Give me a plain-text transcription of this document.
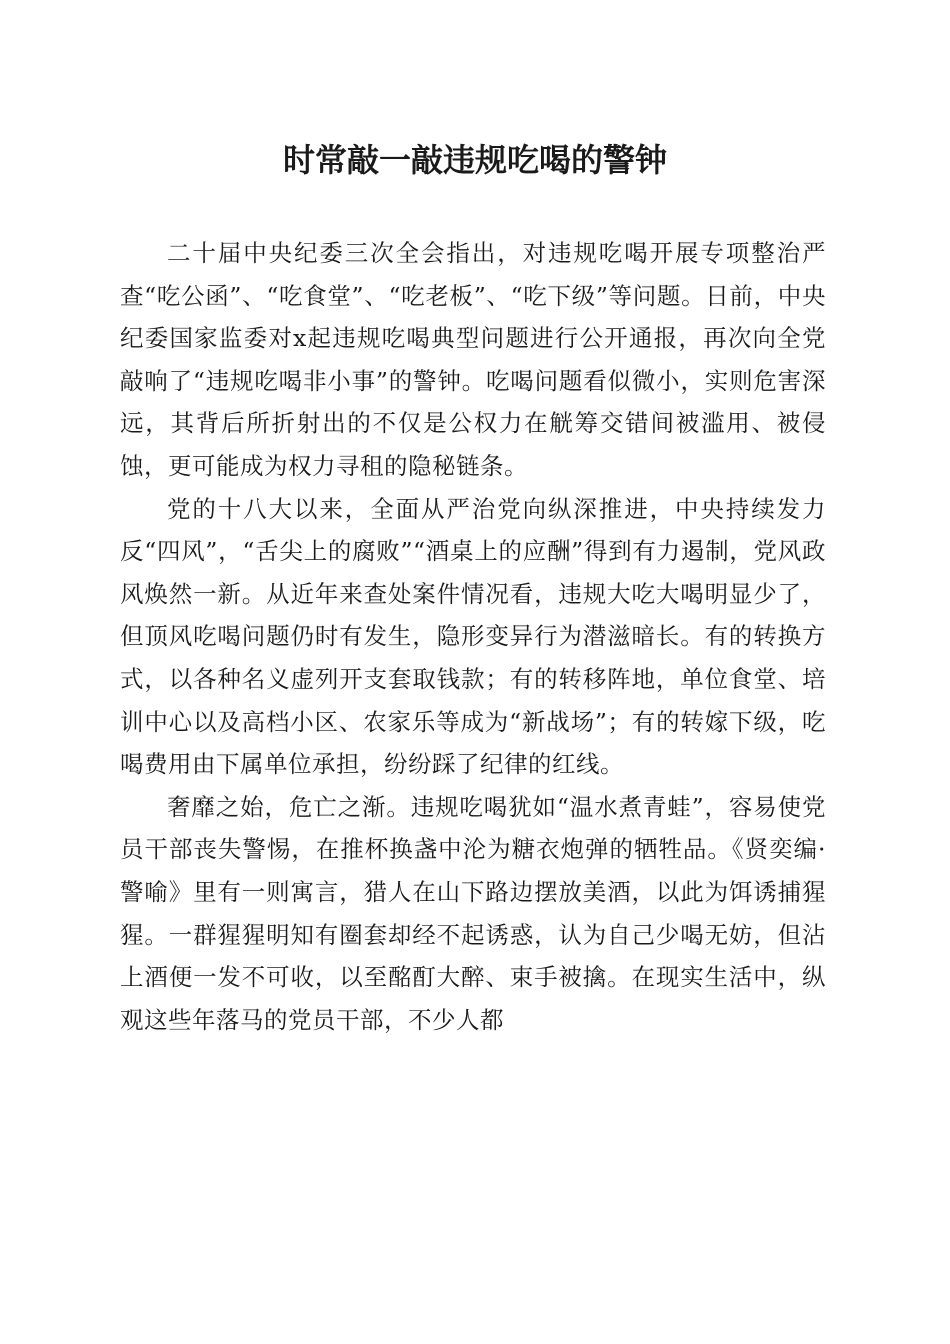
时常敲一敲违规吃喝的警钟

二十届中央纪委三次全会指出，对违规吃喝开展专项整治严查“吃公函”、“吃食堂”、“吃老板”、“吃下级”等问题。日前，中央纪委国家监委对x起违规吃喝典型问题进行公开通报，再次向全党敲响了“违规吃喝非小事”的警钟。吃喝问题看似微小，实则危害深远，其背后所折射出的不仅是公权力在觥筹交错间被滥用、被侵蚀，更可能成为权力寻租的隐秘链条。

党的十八大以来，全面从严治党向纵深推进，中央持续发力反“四风”，“舌尖上的腐败”“酒桌上的应酬”得到有力遏制，党风政风焕然一新。从近年来查处案件情况看，违规大吃大喝明显少了，但顶风吃喝问题仍时有发生，隐形变异行为潜滋暗长。有的转换方式，以各种名义虚列开支套取钱款；有的转移阵地，单位食堂、培训中心以及高档小区、农家乐等成为“新战场”；有的转嫁下级，吃喝费用由下属单位承担，纷纷踩了纪律的红线。

奢靡之始，危亡之渐。违规吃喝犹如“温水煮青蛙”，容易使党员干部丧失警惕，在推杯换盏中沦为糖衣炮弹的牺牲品。《贤奕编·警喻》里有一则寓言，猎人在山下路边摆放美酒，以此为饵诱捕猩猩。一群猩猩明知有圈套却经不起诱惑，认为自己少喝无妨，但沾上酒便一发不可收，以至酩酊大醉、束手被擒。在现实生活中，纵观这些年落马的党员干部，不少人都
